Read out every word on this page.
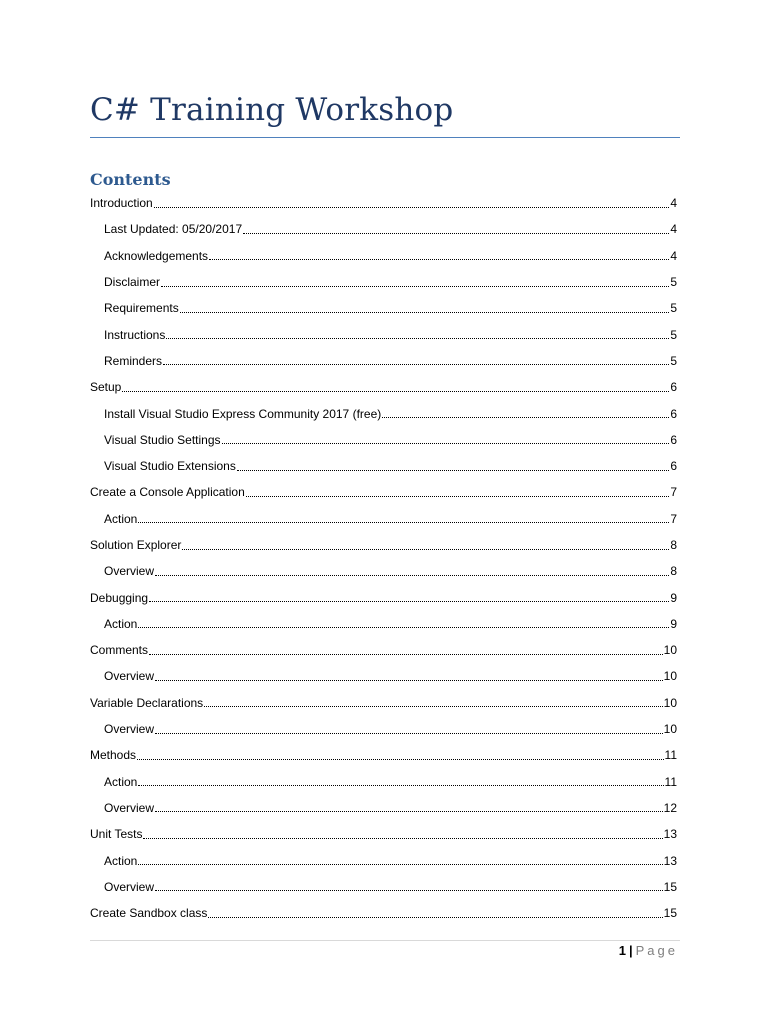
C# Training Workshop
Contents
Introduction	4
Last Updated: 05/20/2017	4
Acknowledgements	4
Disclaimer	5
Requirements	5
Instructions	5
Reminders	5
Setup	6
Install Visual Studio Express Community 2017 (free)	6
Visual Studio Settings	6
Visual Studio Extensions	6
Create a Console Application	7
Action	7
Solution Explorer	8
Overview	8
Debugging	9
Action	9
Comments	10
Overview	10
Variable Declarations	10
Overview	10
Methods	11
Action	11
Overview	12
Unit Tests	13
Action	13
Overview	15
Create Sandbox class	15
1 | Page
